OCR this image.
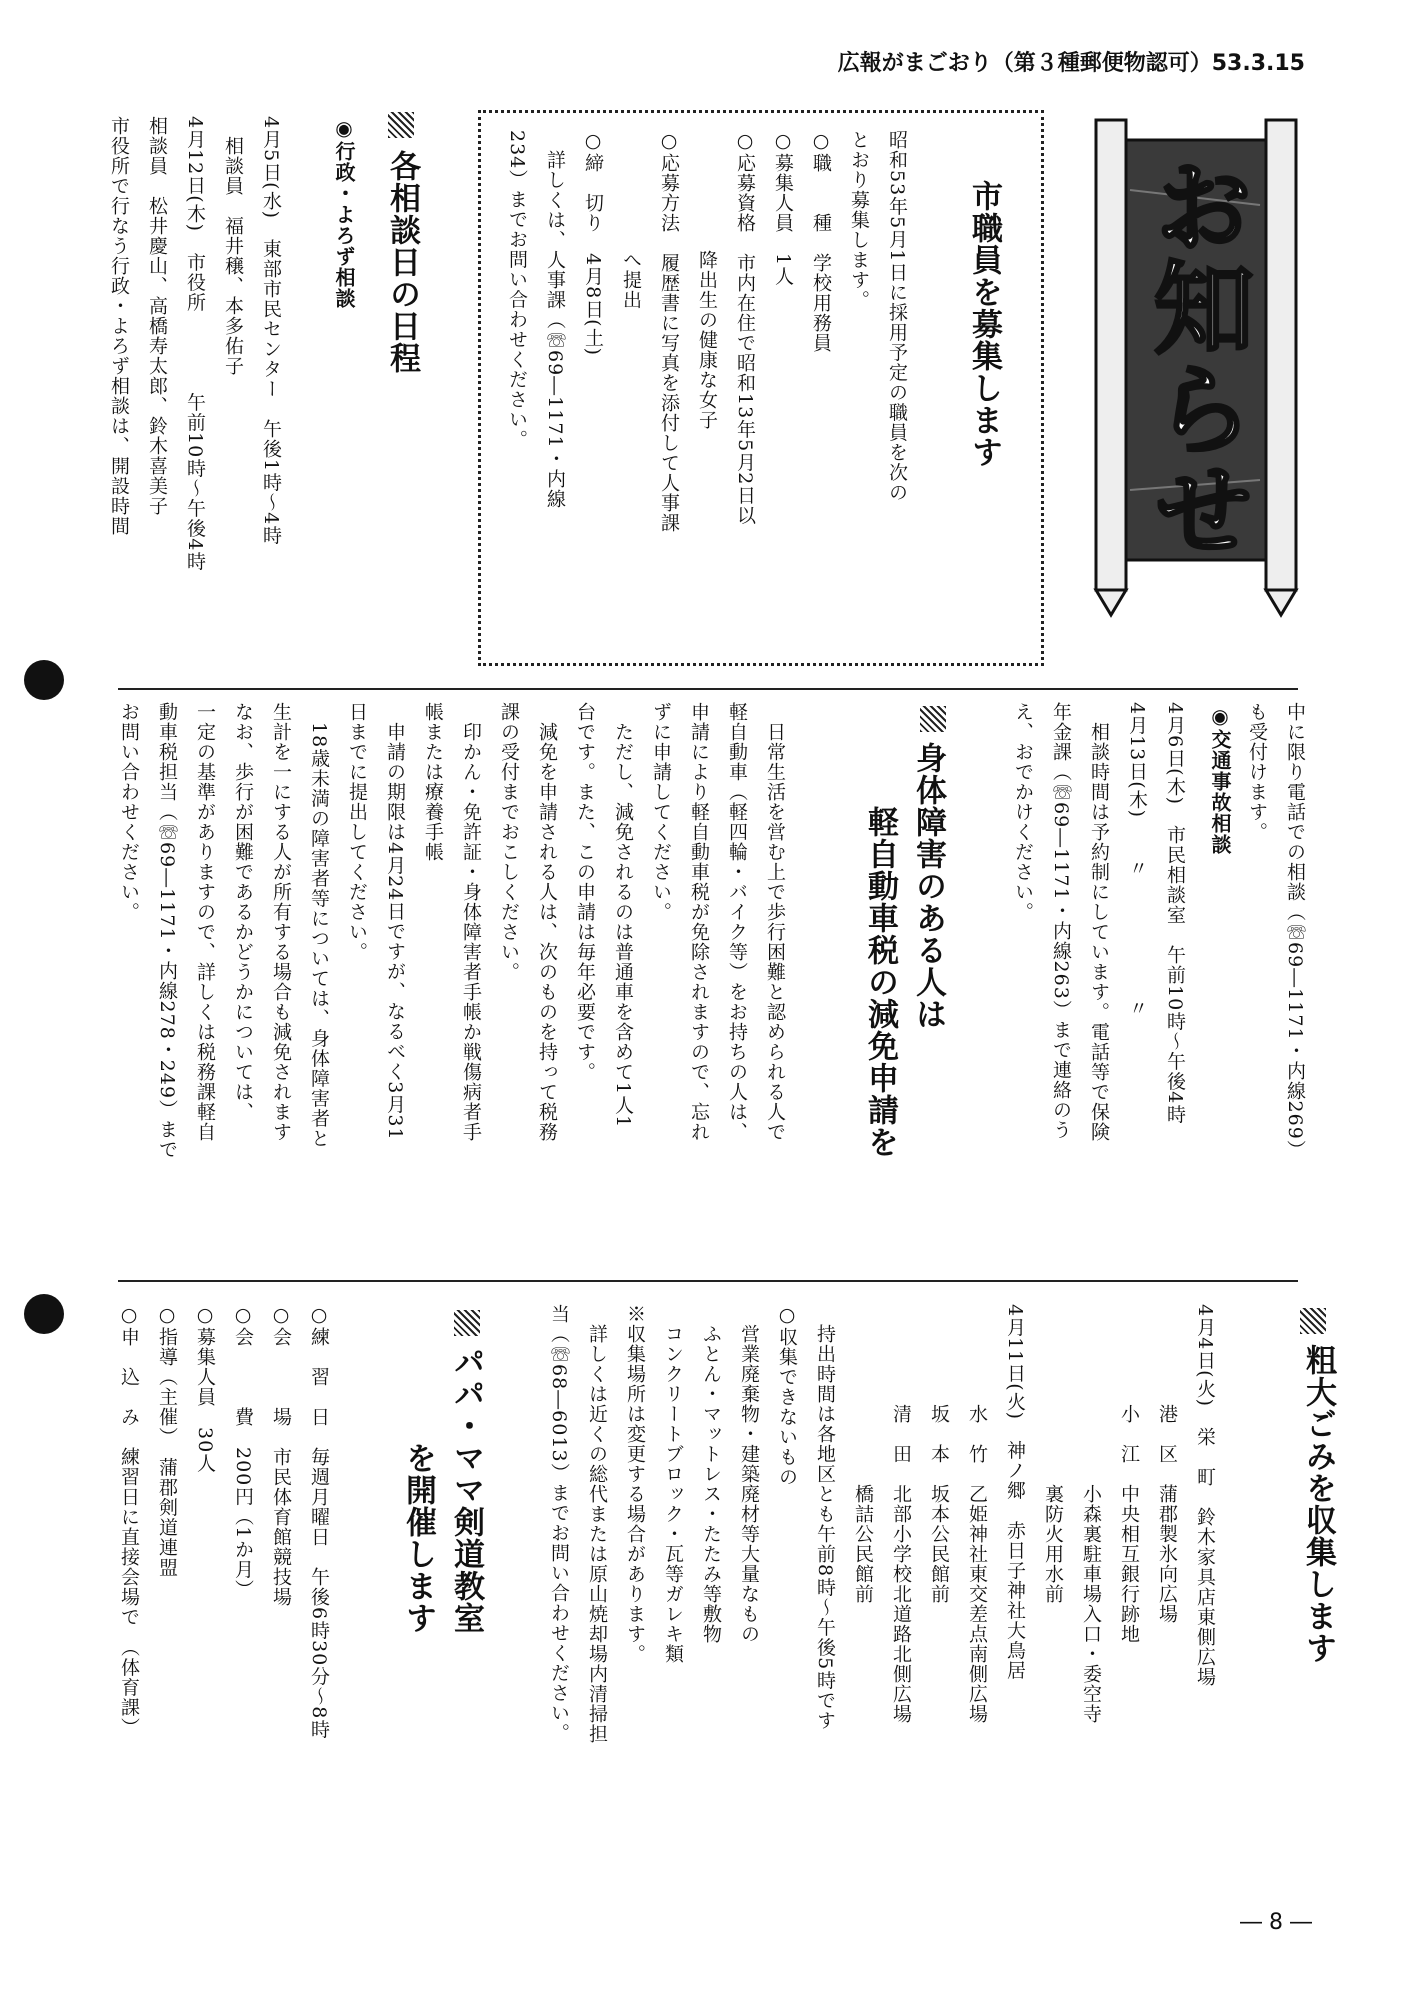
広報がまごおり（第３種郵便物認可）53.3.15
お知らせ
市職員を募集します
昭和53年5月1日に採用予定の職員を次の
とおり募集します。
○職　　種　学校用務員
○募集人員　1人
○応募資格　市内在住で昭和13年5月2日以
　　　　　　降出生の健康な女子
○応募方法　履歴書に写真を添付して人事課
　　　　　　へ提出
○締　切り　4月8日(土)
　詳しくは、人事課（☏69―1171・内線
234）までお問い合わせください。
各相談日の日程
◉行政・よろず相談
4月5日(水)　東部市民センター　午後1時～4時
　相談員　福井穣、本多佑子
4月12日(木)　市役所　　　　午前10時～午後4時
相談員　松井慶山、高橋寿太郎、鈴木喜美子
市役所で行なう行政・よろず相談は、開設時間
中に限り電話での相談（☏69―1171・内線269）
も受付けます。
◉交通事故相談
4月6日(木)　市民相談室　午前10時～午後4時
4月13日(木)　　〃　　　　　　〃
　相談時間は予約制にしています。電話等で保険
年金課（☏69―1171・内線263）まで連絡のう
え、おでかけください。
身体障害のある人は
　　軽自動車税の減免申請を
　日常生活を営む上で歩行困難と認められる人で
軽自動車（軽四輪・バイク等）をお持ちの人は、
申請により軽自動車税が免除されますので、忘れ
ずに申請してください。
　ただし、減免されるのは普通車を含めて1人1
台です。また、この申請は毎年必要です。
　減免を申請される人は、次のものを持って税務
課の受付までおこしください。
　印かん・免許証・身体障害者手帳か戦傷病者手
帳または療養手帳
　申請の期限は4月24日ですが、なるべく3月31
日までに提出してください。
　18歳未満の障害者等については、身体障害者と
生計を一にする人が所有する場合も減免されます
なお、歩行が困難であるかどうかについては、
一定の基準がありますので、詳しくは税務課軽自
動車税担当（☏69―1171・内線278・249）まで
お問い合わせください。
粗大ごみを収集します
4月4日(火)　栄　町　鈴木家具店東側広場
　　　　　港　区　蒲郡製氷向広場
　　　　　小　江　中央相互銀行跡地
　　　　　　　　　小森裏駐車場入口・委空寺
　　　　　　　　　裏防火用水前
4月11日(火)　神ノ郷　赤日子神社大鳥居
　　　　　水　竹　乙姫神社東交差点南側広場
　　　　　坂　本　坂本公民館前
　　　　　清　田　北部小学校北道路北側広場
　　　　　　　　　橋詰公民館前
　持出時間は各地区とも午前8時～午後5時です
○収集できないもの
　営業廃棄物・建築廃材等大量なもの
　ふとん・マットレス・たたみ等敷物
　コンクリートブロック・瓦等ガレキ類
※収集場所は変更する場合があります。
　詳しくは近くの総代または原山焼却場内清掃担
当（☏68―6013）までお問い合わせください。
パパ・ママ剣道教室
　　　を開催します
○練　習　日　毎週月曜日　午後6時30分～8時
○会　　　場　市民体育館競技場
○会　　　費　200円（1か月）
○募集人員　30人
○指導（主催）　蒲郡剣道連盟
○申　込　み　練習日に直接会場で　（体育課）
― 8 ―
